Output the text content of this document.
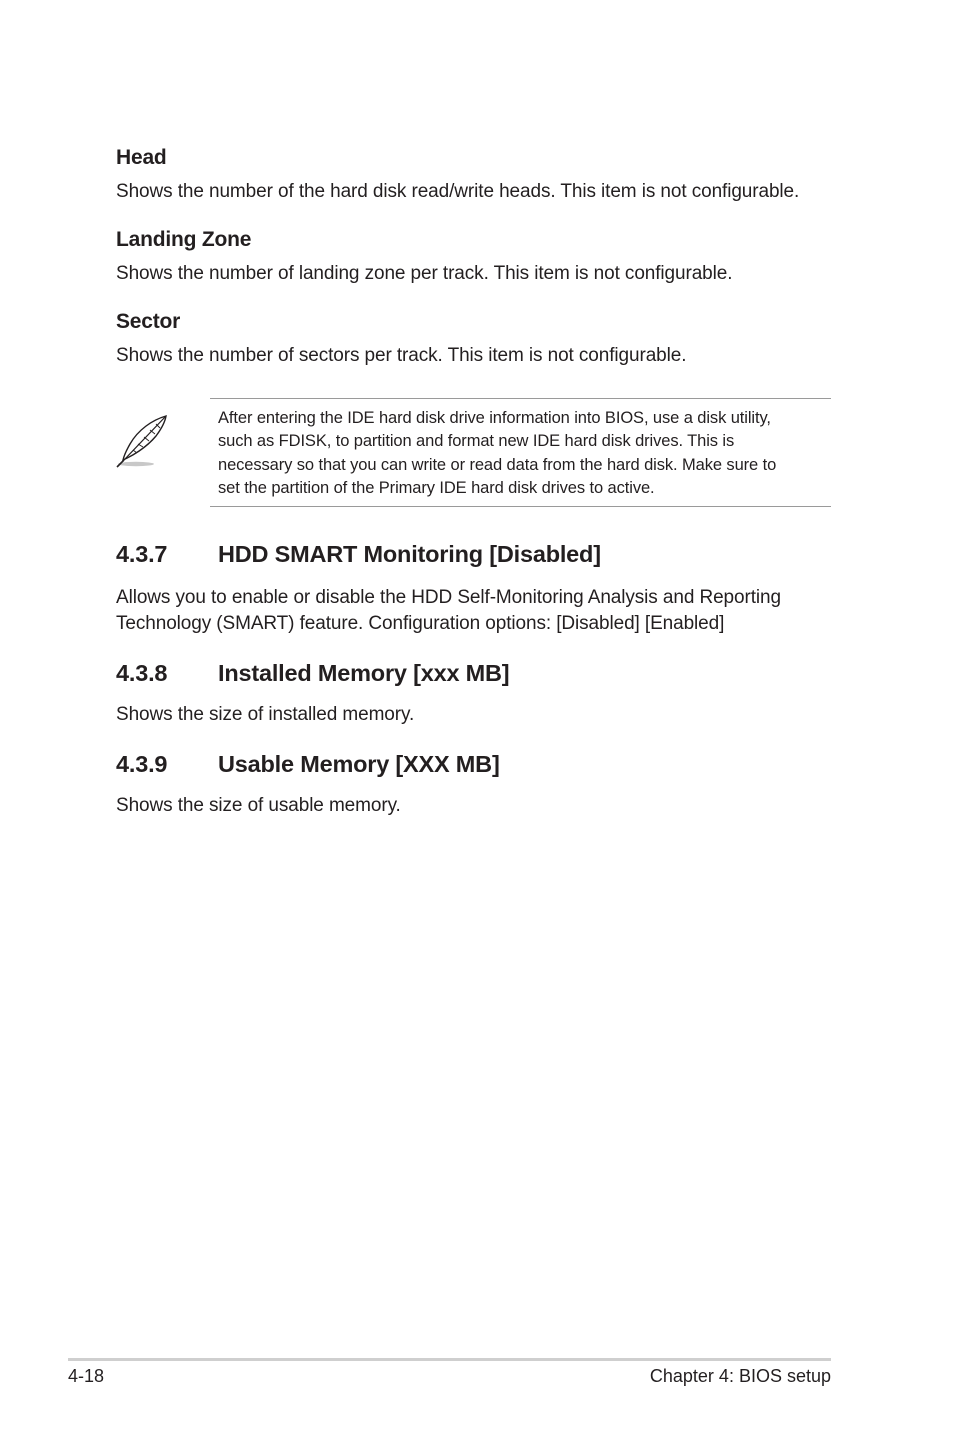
Head
Shows the number of the hard disk read/write heads. This item is not configurable.
Landing Zone
Shows the number of landing zone per track. This item is not configurable.
Sector
Shows the number of sectors per track. This item is not configurable.
After entering the IDE hard disk drive information into BIOS, use a disk utility,
such as FDISK, to partition and format new IDE hard disk drives. This is
necessary so that you can write or read data from the hard disk. Make sure to
set the partition of the Primary IDE hard disk drives to active.
4.3.7 HDD SMART Monitoring [Disabled]
Allows you to enable or disable the HDD Self-Monitoring Analysis and Reporting
Technology (SMART) feature. Configuration options: [Disabled] [Enabled]
4.3.8 Installed Memory [xxx MB]
Shows the size of installed memory.
4.3.9 Usable Memory [XXX MB]
Shows the size of usable memory.
4-18	Chapter 4: BIOS setup
